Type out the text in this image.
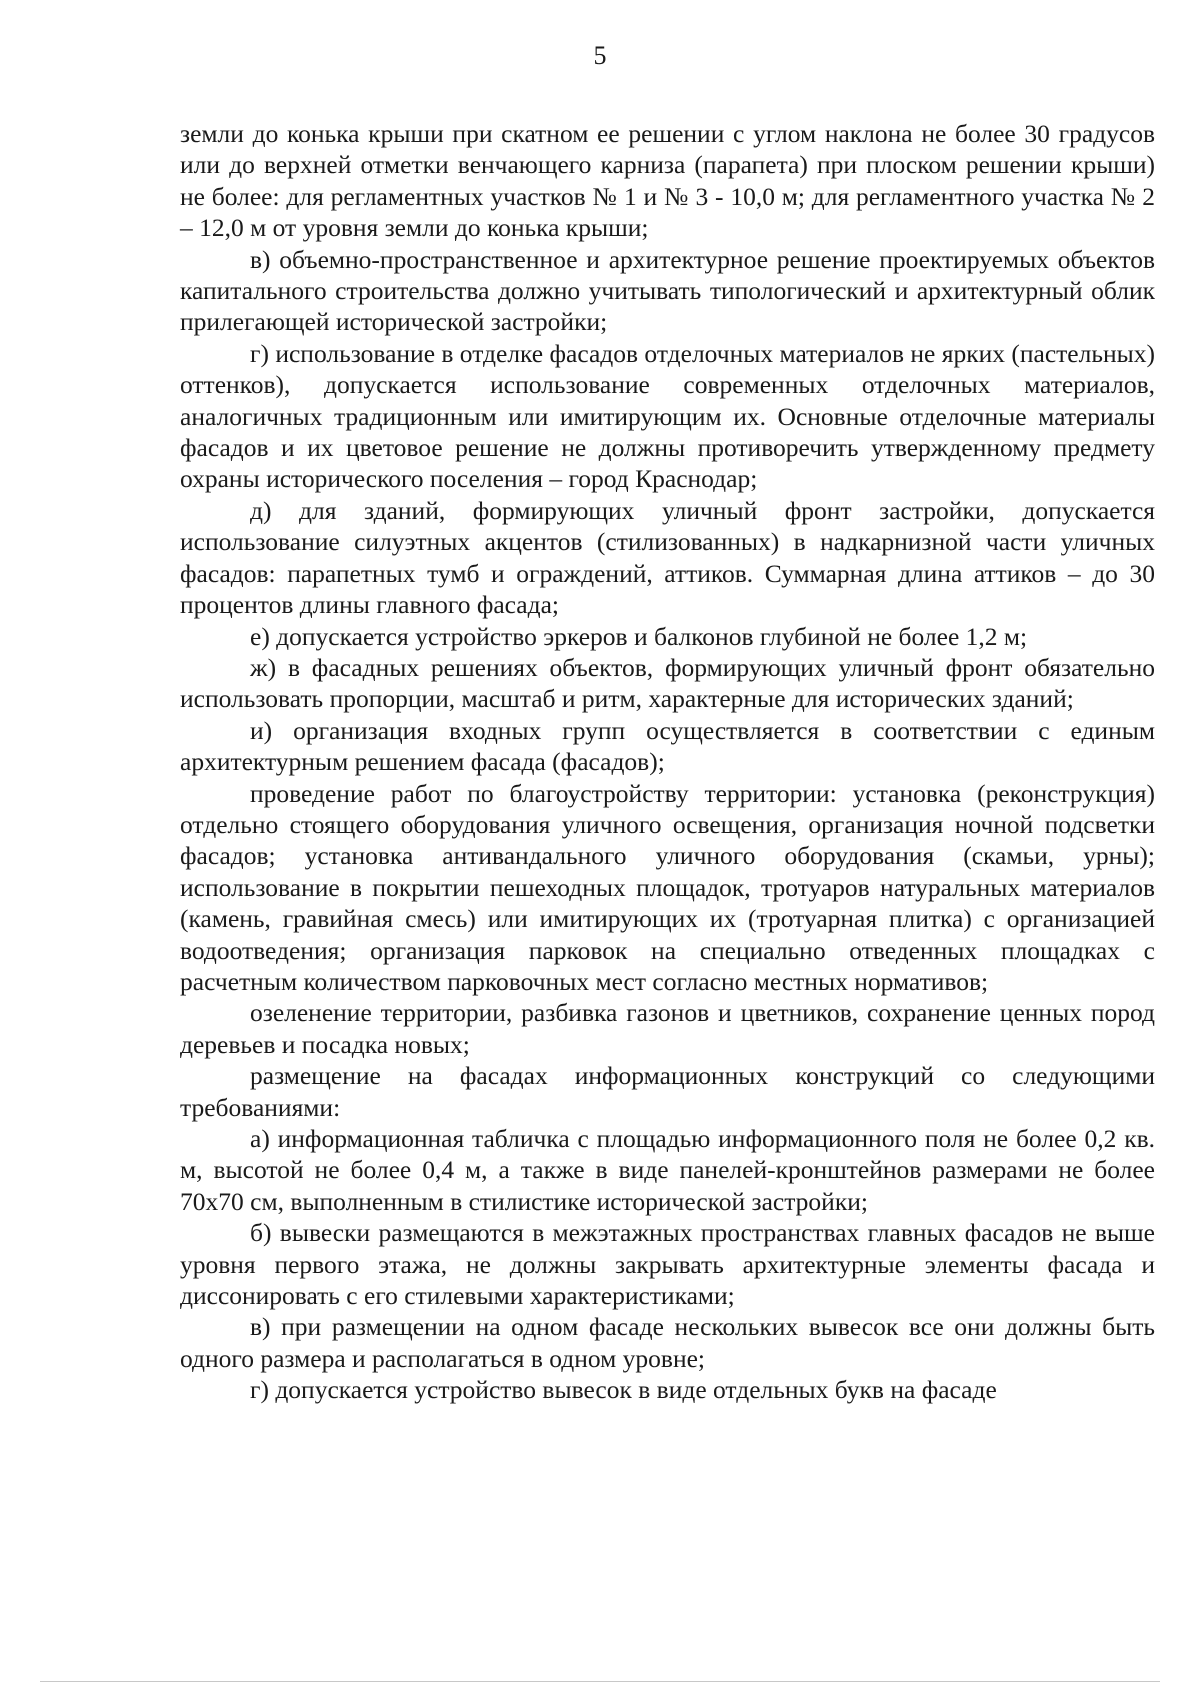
5

земли до конька крыши при скатном ее решении с углом наклона не более 30 градусов или до верхней отметки венчающего карниза (парапета) при плоском решении крыши) не более: для регламентных участков № 1 и № 3 - 10,0 м; для регламентного участка № 2 – 12,0 м от уровня земли до конька крыши;

в) объемно-пространственное и архитектурное решение проектируемых объектов капитального строительства должно учитывать типологический и архитектурный облик прилегающей исторической застройки;

г) использование в отделке фасадов отделочных материалов не ярких (пастельных) оттенков), допускается использование современных отделочных материалов, аналогичных традиционным или имитирующим их. Основные отделочные материалы фасадов и их цветовое решение не должны противоречить утвержденному предмету охраны исторического поселения – город Краснодар;

д) для зданий, формирующих уличный фронт застройки, допускается использование силуэтных акцентов (стилизованных) в надкарнизной части уличных фасадов: парапетных тумб и ограждений, аттиков. Суммарная длина аттиков – до 30 процентов длины главного фасада;

е) допускается устройство эркеров и балконов глубиной не более 1,2 м;

ж) в фасадных решениях объектов, формирующих уличный фронт обязательно использовать пропорции, масштаб и ритм, характерные для исторических зданий;

и) организация входных групп осуществляется в соответствии с единым архитектурным решением фасада (фасадов);

проведение работ по благоустройству территории: установка (реконструкция) отдельно стоящего оборудования уличного освещения, организация ночной подсветки фасадов; установка антивандального уличного оборудования (скамьи, урны); использование в покрытии пешеходных площадок, тротуаров натуральных материалов (камень, гравийная смесь) или имитирующих их (тротуарная плитка) с организацией водоотведения; организация парковок на специально отведенных площадках с расчетным количеством парковочных мест согласно местных нормативов;

озеленение территории, разбивка газонов и цветников, сохранение ценных пород деревьев и посадка новых;

размещение на фасадах информационных конструкций со следующими требованиями:

а) информационная табличка с площадью информационного поля не более 0,2 кв. м, высотой не более 0,4 м, а также в виде панелей-кронштейнов размерами не более 70х70 см, выполненным в стилистике исторической застройки;

б) вывески размещаются в межэтажных пространствах главных фасадов не выше уровня первого этажа, не должны закрывать архитектурные элементы фасада и диссонировать с его стилевыми характеристиками;

в) при размещении на одном фасаде нескольких вывесок все они должны быть одного размера и располагаться в одном уровне;

г) допускается устройство вывесок в виде отдельных букв на фасаде
